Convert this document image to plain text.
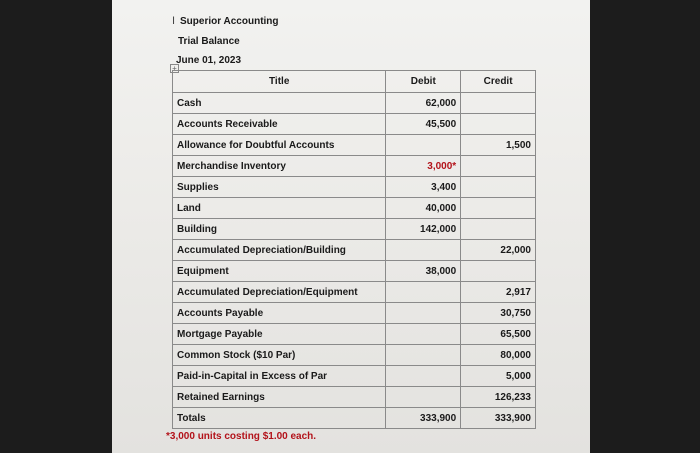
I Superior Accounting
Trial Balance
June 01, 2023
+
Title	Debit	Credit
Cash	62,000	
Accounts Receivable	45,500	
Allowance for Doubtful Accounts		1,500
Merchandise Inventory	3,000*	
Supplies	3,400	
Land	40,000	
Building	142,000	
Accumulated Depreciation/Building		22,000
Equipment	38,000	
Accumulated Depreciation/Equipment		2,917
Accounts Payable		30,750
Mortgage Payable		65,500
Common Stock ($10 Par)		80,000
Paid-in-Capital in Excess of Par		5,000
Retained Earnings		126,233
Totals	333,900	333,900
*3,000 units costing $1.00 each.
